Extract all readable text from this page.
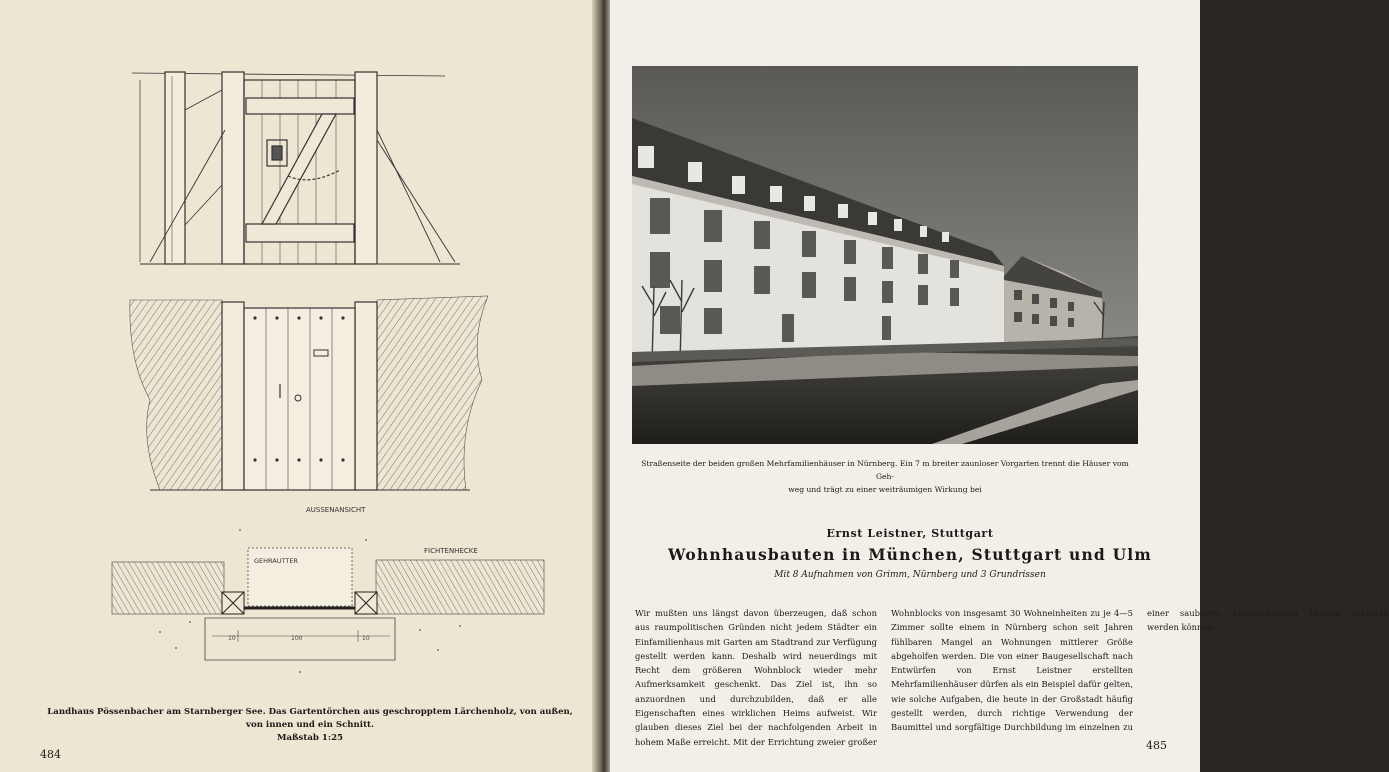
AUSSENANSICHT
10	100	10
FICHTENHECKE
GEHRAUTTER
Landhaus Pössenbacher am Starnberger See. Das Gartentörchen aus geschropptem Lärchenholz, von außen, von innen und ein Schnitt.
Maßstab 1:25
484
Straßenseite der beiden großen Mehrfamilienhäuser in Nürnberg. Ein 7 m breiter zaunloser Vorgarten trennt die Häuser vom Geh-
weg und trägt zu einer weiträumigen Wirkung bei
Ernst Leistner, Stuttgart
Wohnhausbauten in München, Stuttgart und Ulm
Mit 8 Aufnahmen von Grimm, Nürnberg und 3 Grundrissen
Wir mußten uns längst davon überzeugen, daß schon aus raumpolitischen Gründen nicht jedem Städter ein Einfamilienhaus mit Garten am Stadtrand zur Verfügung gestellt werden kann. Deshalb wird neuerdings mit Recht dem größeren Wohnblock wieder mehr Aufmerksamkeit geschenkt. Das Ziel ist, ihn so anzuordnen und durchzubilden, daß er alle Eigenschaften eines wirklichen Heims aufweist. Wir glauben dieses Ziel bei der nachfolgenden Arbeit in hohem Maße erreicht. Mit der Errichtung zweier großer Wohnblocks von insgesamt 30 Wohneinheiten zu je 4—5 Zimmer sollte einem in Nürnberg schon seit Jahren fühlbaren Mangel an Wohnungen mittlerer Größe abgeholfen werden. Die von einer Baugesellschaft nach Entwürfen von Ernst Leistner erstellten Mehrfamilienhäuser dürfen als ein Beispiel dafür gelten, wie solche Aufgaben, die heute in der Großstadt häufig gestellt werden, durch richtige Verwendung der Baumittel und sorgfältige Durchbildung im einzelnen zu einer sauberen, ansprechenden Lösung gebracht werden können.
485
